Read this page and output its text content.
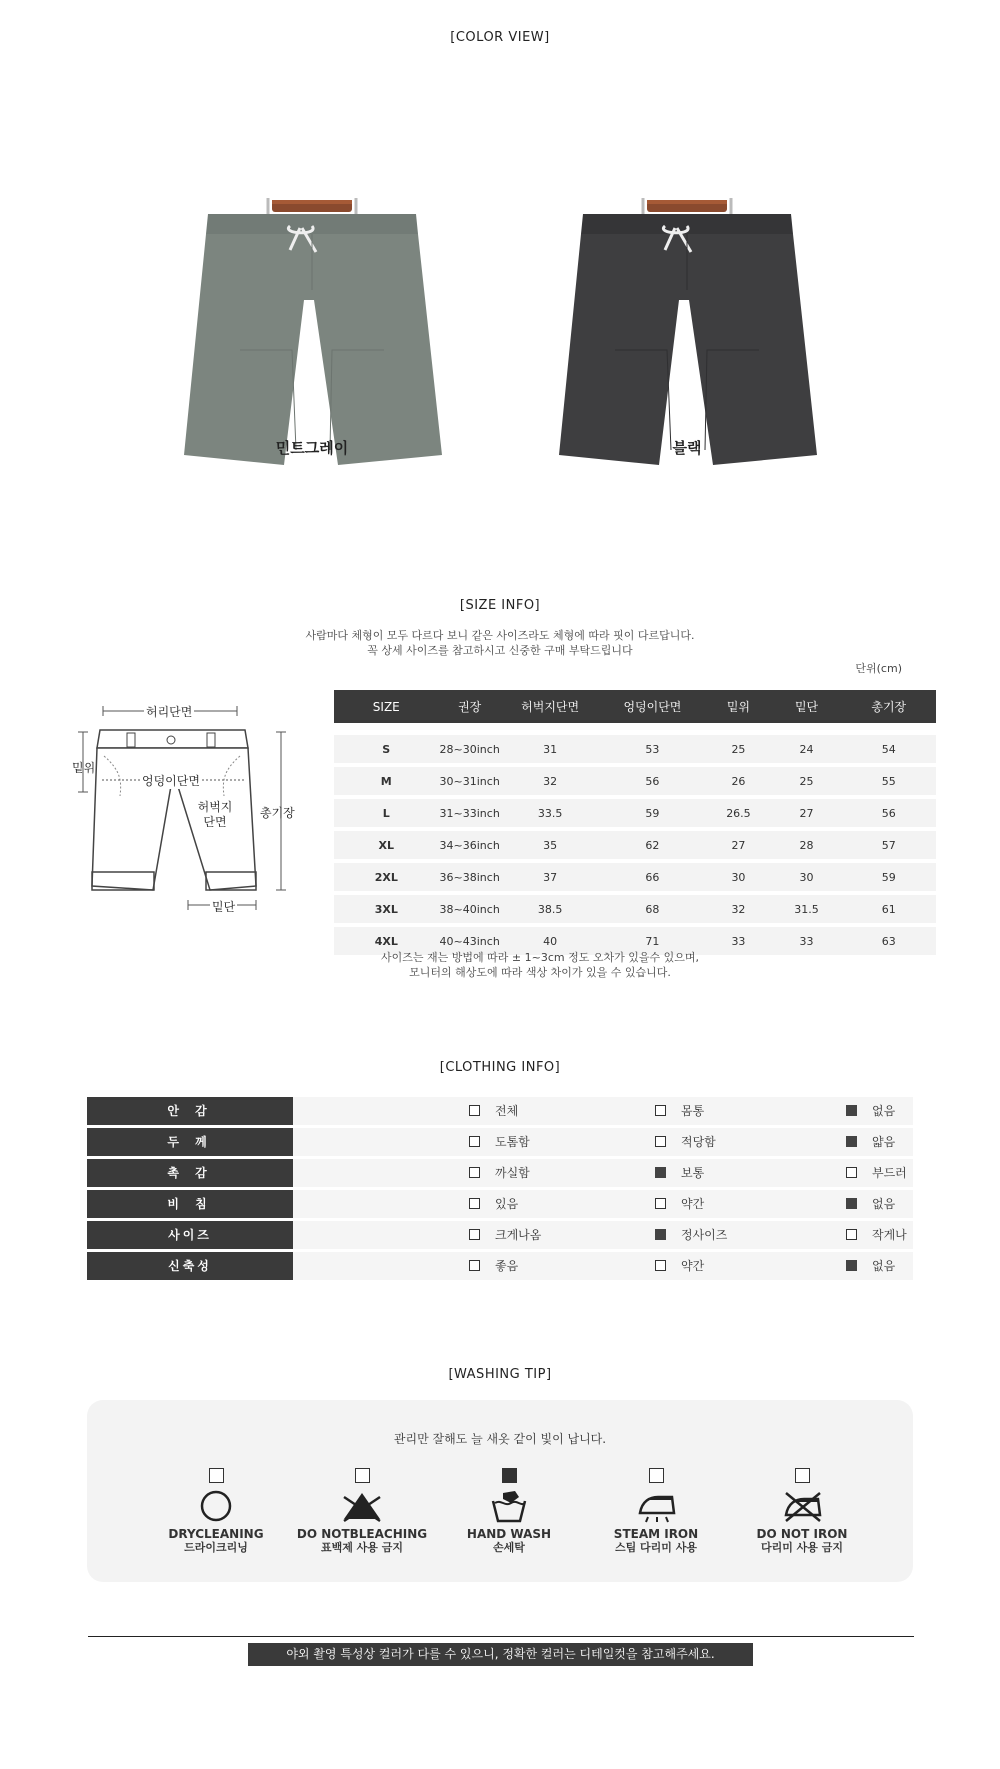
[COLOR VIEW]
민트그레이	블랙
[SIZE INFO]
사람마다 체형이 모두 다르다 보니 같은 사이즈라도 체형에 따라 핏이 다르답니다.
꼭 상세 사이즈를 참고하시고 신중한 구매 부탁드립니다
단위(cm)
허리단면
밑위
엉덩이단면
허벅지
단면
총기장
밑단
SIZE	권장	허벅지단면	엉덩이단면	밑위	밑단	총기장

S	28~30inch	31	53	25	24	54
M	30~31inch	32	56	26	25	55
L	31~33inch	33.5	59	26.5	27	56
XL	34~36inch	35	62	27	28	57
2XL	36~38inch	37	66	30	30	59
3XL	38~40inch	38.5	68	32	31.5	61
4XL	40~43inch	40	71	33	33	63
사이즈는 재는 방법에 따라 ± 1~3cm 정도 오차가 있을수 있으며,
모니터의 해상도에 따라 색상 차이가 있을 수 있습니다.
[CLOTHING INFO]
안 감	전체	몸통	없음
두 께	도톰함	적당함	얇음
촉 감	까실함	보통	부드러
비 침	있음	약간	없음
사이즈	크게나옴	정사이즈	작게나
신축성	좋음	약간	없음
[WASHING TIP]
관리만 잘해도 늘 새옷 같이 빛이 납니다.
DRYCLEANING
드라이크리닝
DO NOTBLEACHING
표백제 사용 금지
HAND WASH
손세탁
STEAM IRON
스팀 다리미 사용
DO NOT IRON
다리미 사용 금지
야외 촬영 특성상 컬러가 다를 수 있으니, 정확한 컬러는 디테일컷을 참고해주세요.
